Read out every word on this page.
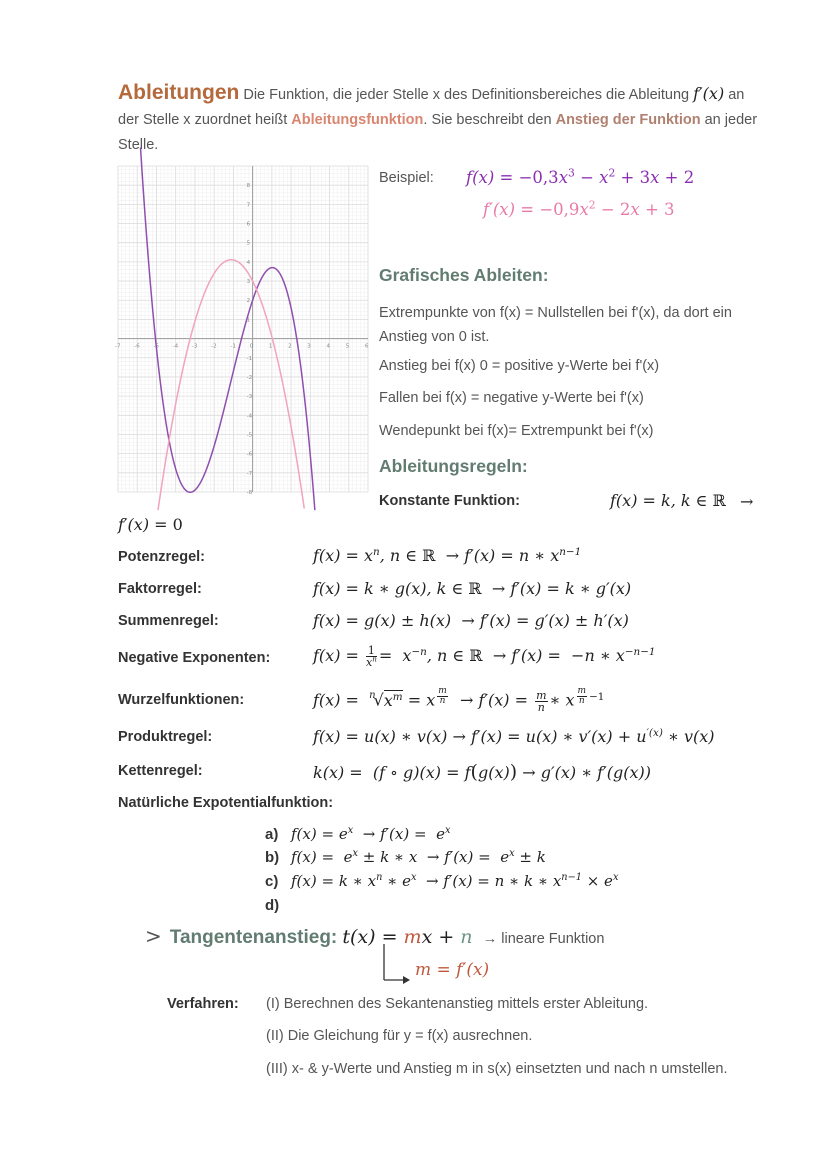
Ableitungen Die Funktion, die jeder Stelle x des Definitionsbereiches die Ableitung f′(x) an der Stelle x zuordnet heißt Ableitungsfunktion. Sie beschreibt den Anstieg der Funktion an jeder Stelle.
-7 -6 -5 -4 -3 -2 -1 0	1	2	3	4	5	6
-8
-7
-6
-5
-4
-3
-2
-1
1
2
3
4
5
6
7
8
Beispiel: $f(x) = -0,3x^3 - x^2 + 3x + 2$
$f'(x) = -0,9x^2 - 2x + 3$
Grafisches Ableiten:
Extrempunkte von f(x) = Nullstellen bei f'(x), da dort ein Anstieg von 0 ist.
Anstieg bei f(x) 0 = positive y-Werte bei f'(x)
Fallen bei f(x) = negative y-Werte bei f'(x)
Wendepunkt bei f(x)= Extrempunkt bei f'(x)
Ableitungsregeln:
Konstante Funktion:	f(x) = k, k ∈ ℝ →
f′(x) = 0
Potenzregel:	$f(x) = x^n$, n ∈ ℝ → f′(x) = n ∗ $x^{n-1}$
Faktorregel:	f(x) = k ∗ g(x), k ∈ ℝ → f′(x) = k ∗ g′(x)
Summenregel:	f(x) = g(x) ± h(x)  → f′(x) = g′(x) ± h′(x)
Negative Exponenten:	$f(x) = \frac{1}{x^n} = x^{-n}$, n ∈ ℝ → f′(x) =  −n ∗ $x^{-n-1}$
Wurzelfunktionen:	$f(x) = ^n√x^m = x$ $^{\frac{m}{n}} \to f'(x) = \frac{m}{n}$ ∗ x $^{\frac{m}{n} -1}$
Produktregel:	f(x) = u(x) ∗ v(x) → f′(x) = u(x) ∗ $v'(x) + u^{'(x)}$ ∗ v(x)
Kettenregel:	k(x) =  (f ∘ g)(x) = f(g(x)) → g′(x) ∗ f′(g(x))
Natürliche Expotentialfunktion:
a) $f(x) = e^x \to f'(x) = e^x$
b) $f(x) = e^x \pm k$ ∗ $x \to f'(x) = e^x \pm k$
c) f(x) = k ∗ $x^n$ ∗ $e^x \to f'(x) = n$ ∗ k ∗ $x^{n-1} \times e^x$
d)
> Tangentenanstieg: t(x) = mx + n → lineare Funktion
m = f′(x)
Verfahren: (I) Berechnen des Sekantenanstieg mittels erster Ableitung.
(II) Die Gleichung für y = f(x) ausrechnen.
(III) x- & y-Werte und Anstieg m in s(x) einsetzten und nach n umstellen.
